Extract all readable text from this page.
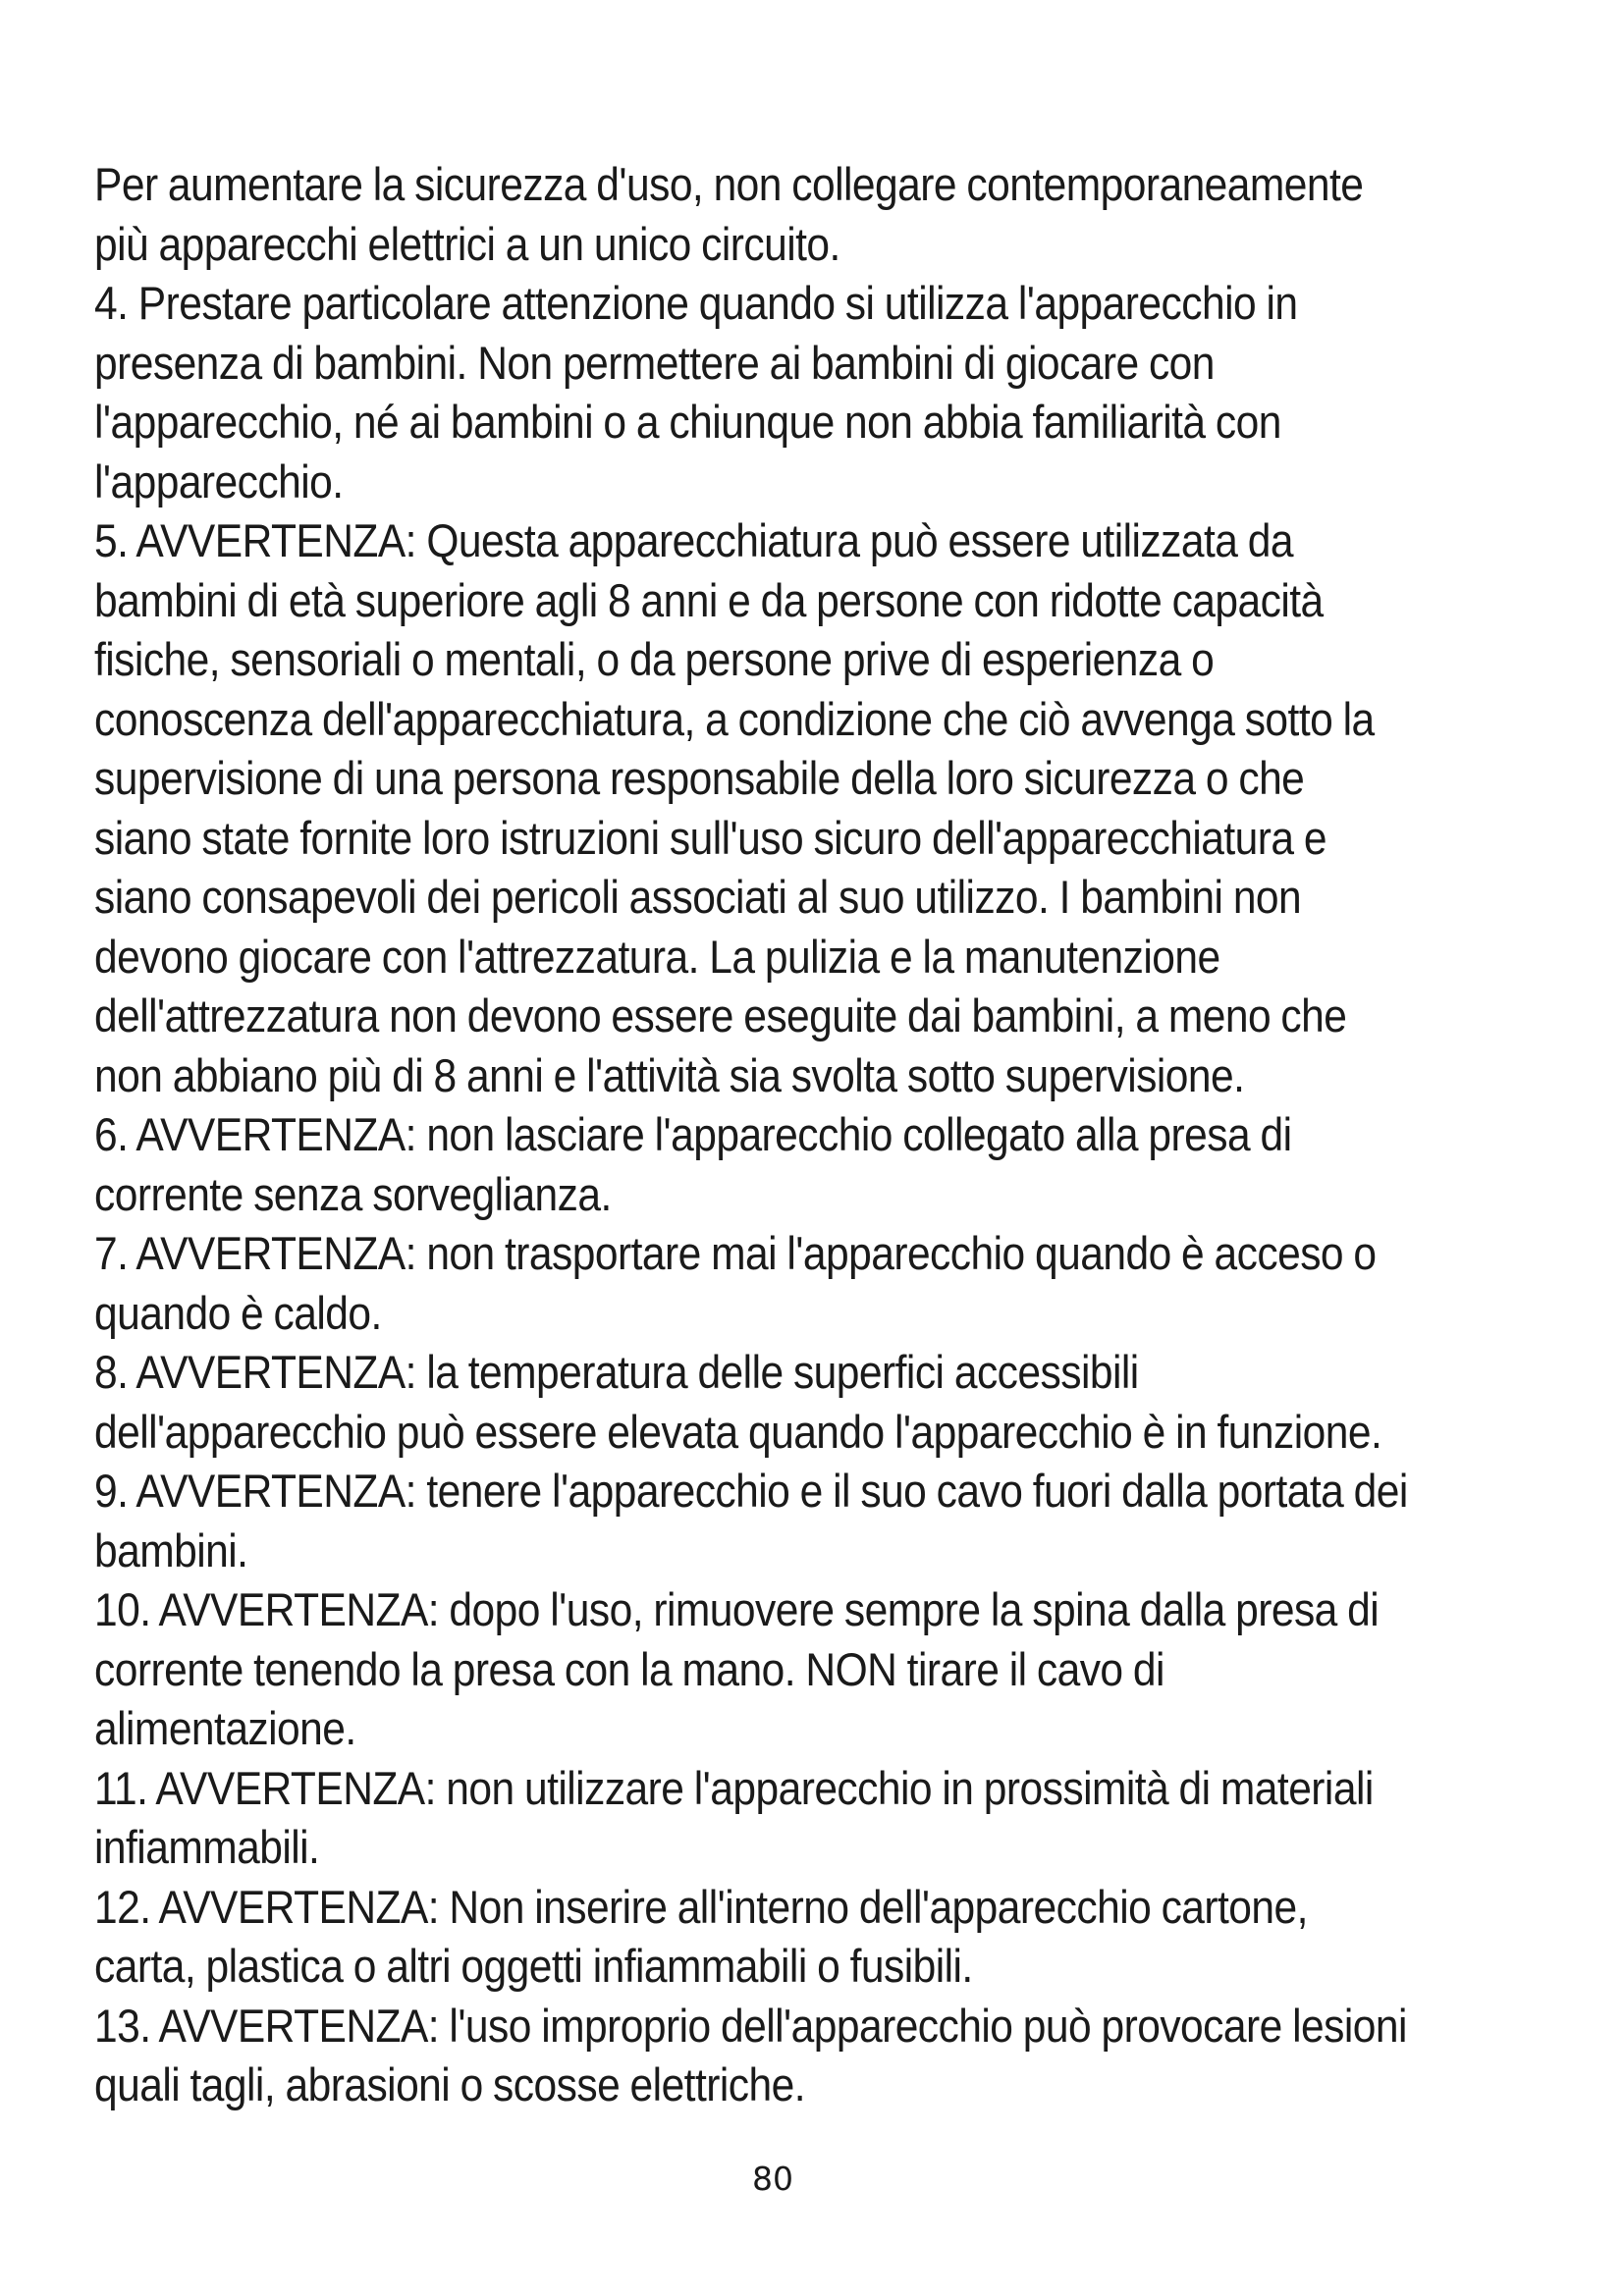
Per aumentare la sicurezza d'uso, non collegare contemporaneamente più apparecchi elettrici a un unico circuito.

4. Prestare particolare attenzione quando si utilizza l'apparecchio in presenza di bambini. Non permettere ai bambini di giocare con l'apparecchio, né ai bambini o a chiunque non abbia familiarità con l'apparecchio.

5. AVVERTENZA: Questa apparecchiatura può essere utilizzata da bambini di età superiore agli 8 anni e da persone con ridotte capacità fisiche, sensoriali o mentali, o da persone prive di esperienza o conoscenza dell'apparecchiatura, a condizione che ciò avvenga sotto la supervisione di una persona responsabile della loro sicurezza o che siano state fornite loro istruzioni sull'uso sicuro dell'apparecchiatura e siano consapevoli dei pericoli associati al suo utilizzo. I bambini non devono giocare con l'attrezzatura. La pulizia e la manutenzione dell'attrezzatura non devono essere eseguite dai bambini, a meno che non abbiano più di 8 anni e l'attività sia svolta sotto supervisione.

6. AVVERTENZA: non lasciare l'apparecchio collegato alla presa di corrente senza sorveglianza.

7. AVVERTENZA: non trasportare mai l'apparecchio quando è acceso o quando è caldo.

8. AVVERTENZA: la temperatura delle superfici accessibili dell'apparecchio può essere elevata quando l'apparecchio è in funzione.

9. AVVERTENZA: tenere l'apparecchio e il suo cavo fuori dalla portata dei bambini.

10. AVVERTENZA: dopo l'uso, rimuovere sempre la spina dalla presa di corrente tenendo la presa con la mano. NON tirare il cavo di alimentazione.

11. AVVERTENZA: non utilizzare l'apparecchio in prossimità di materiali infiammabili.

12. AVVERTENZA: Non inserire all'interno dell'apparecchio cartone, carta, plastica o altri oggetti infiammabili o fusibili.

13. AVVERTENZA: l'uso improprio dell'apparecchio può provocare lesioni quali tagli, abrasioni o scosse elettriche.

80
